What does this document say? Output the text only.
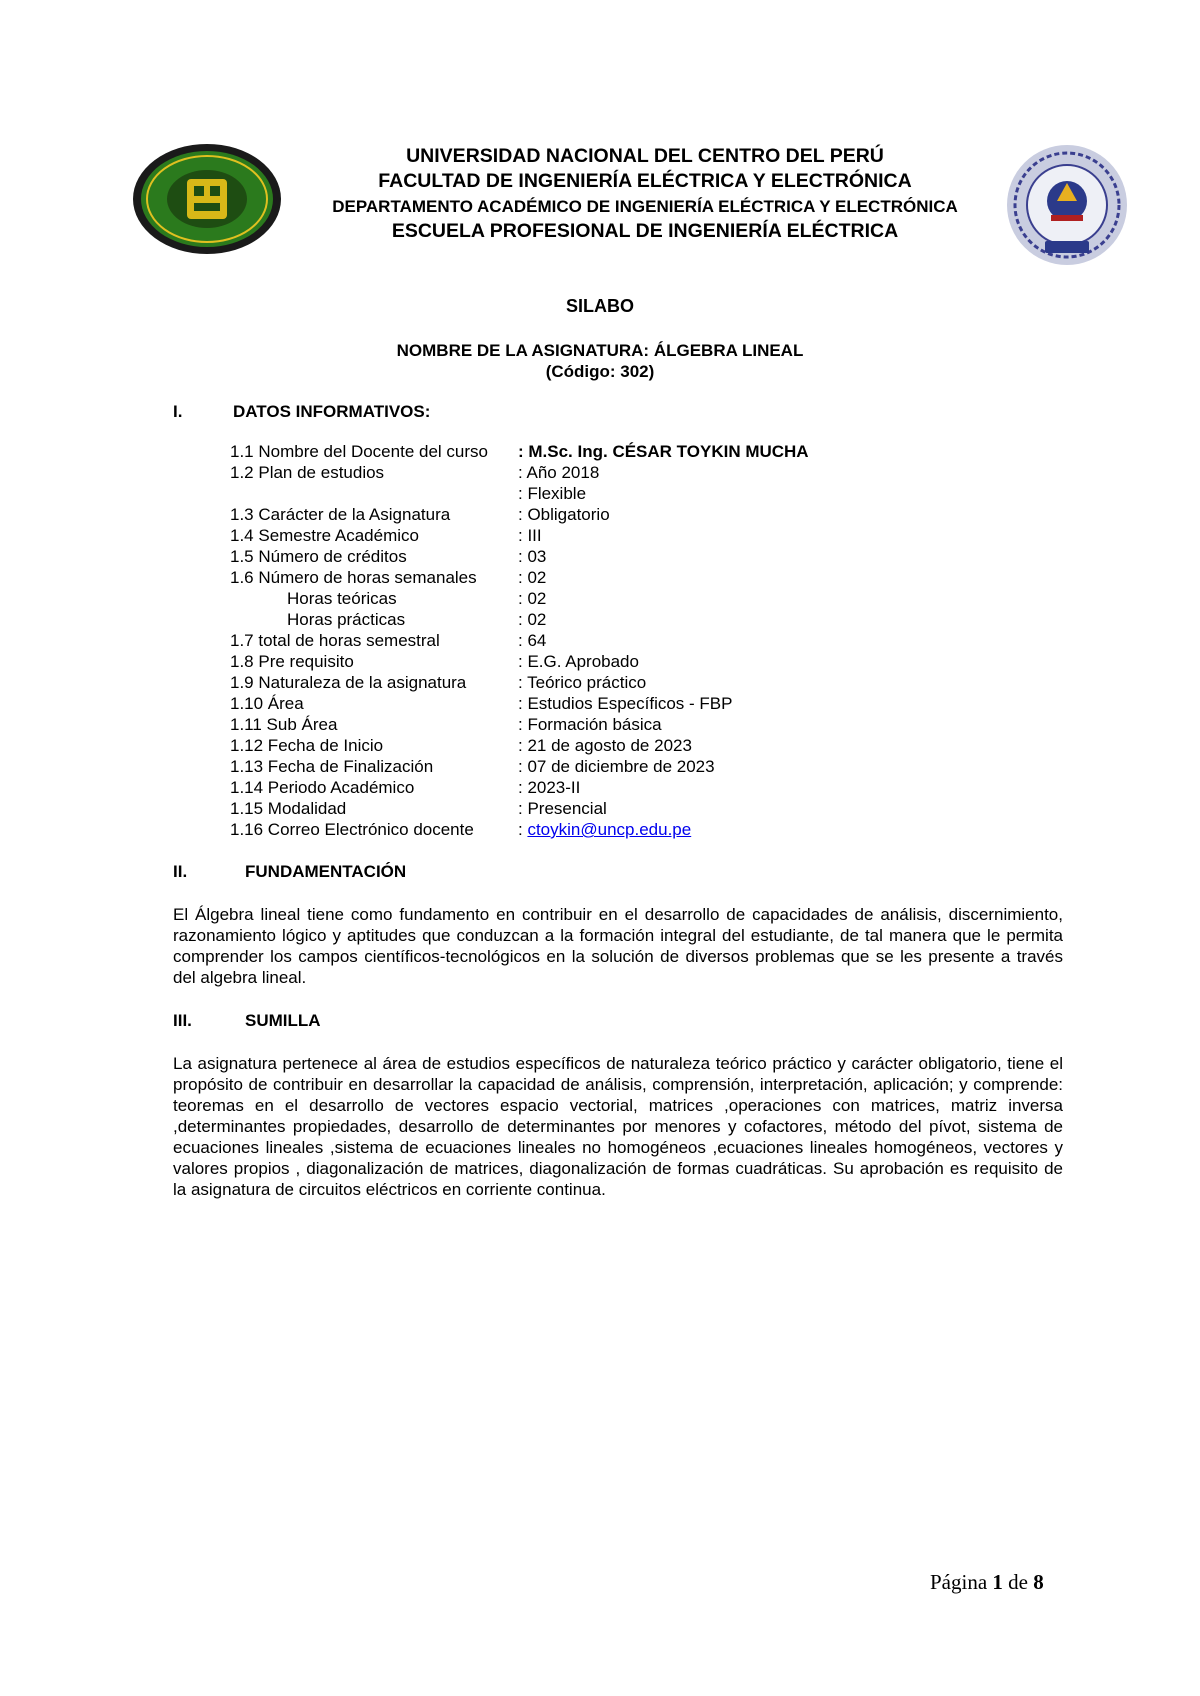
UNIVERSIDAD NACIONAL DEL CENTRO DEL PERÚ
FACULTAD DE INGENIERÍA ELÉCTRICA Y ELECTRÓNICA
DEPARTAMENTO ACADÉMICO DE INGENIERÍA ELÉCTRICA Y ELECTRÓNICA
ESCUELA PROFESIONAL DE INGENIERÍA ELÉCTRICA
SILABO
NOMBRE DE LA ASIGNATURA: ÁLGEBRA LINEAL
(Código: 302)
I.	DATOS INFORMATIVOS:
1.1 Nombre del Docente del curso : M.Sc. Ing. CÉSAR TOYKIN MUCHA
1.2 Plan de estudios	: Año 2018
: Flexible
1.3 Carácter de la Asignatura	: Obligatorio
1.4 Semestre Académico	: III
1.5 Número de créditos	: 03
1.6 Número de horas semanales : 02
Horas teóricas	: 02
Horas prácticas	: 02
1.7 total de horas semestral	: 64
1.8 Pre requisito	: E.G. Aprobado
1.9 Naturaleza de la asignatura	: Teórico práctico
1.10 Área	: Estudios Específicos - FBP
1.11 Sub Área	: Formación básica
1.12 Fecha de Inicio	: 21 de agosto de 2023
1.13 Fecha de Finalización	: 07 de diciembre de 2023
1.14 Periodo Académico	: 2023-II
1.15 Modalidad	: Presencial
1.16 Correo Electrónico docente	: ctoykin@uncp.edu.pe
II.	FUNDAMENTACIÓN
El Álgebra lineal tiene como fundamento en contribuir en el desarrollo de capacidades de análisis, discernimiento, razonamiento lógico y aptitudes que conduzcan a la formación integral del estudiante, de tal manera que le permita comprender los campos científicos-tecnológicos en la solución de diversos problemas que se les presente a través del algebra lineal.
III.	SUMILLA
La asignatura pertenece al área de estudios específicos de naturaleza teórico práctico y carácter obligatorio, tiene el propósito de contribuir en desarrollar la capacidad de análisis, comprensión, interpretación, aplicación; y comprende: teoremas en el desarrollo de vectores espacio vectorial, matrices ,operaciones con matrices, matriz inversa ,determinantes propiedades, desarrollo de determinantes por menores y cofactores, método del pívot, sistema de ecuaciones lineales ,sistema de ecuaciones lineales no homogéneos ,ecuaciones lineales homogéneos, vectores y valores propios , diagonalización de matrices, diagonalización de formas cuadráticas. Su aprobación es requisito de la asignatura de circuitos eléctricos en corriente continua.
Página 1 de 8
